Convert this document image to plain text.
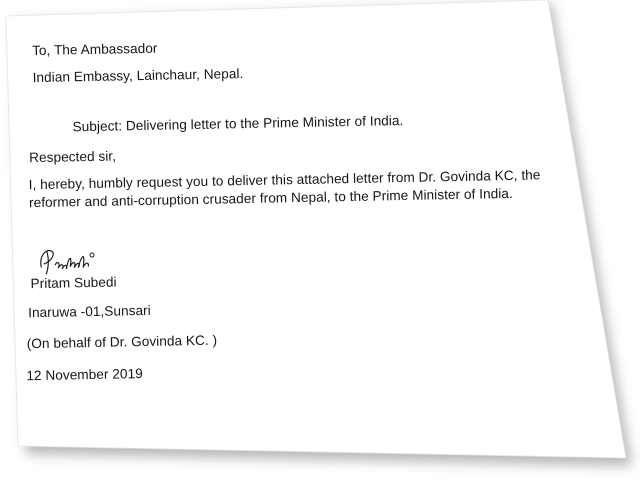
To, The Ambassador
Indian Embassy, Lainchaur, Nepal.
Subject: Delivering letter to the Prime Minister of India.
Respected sir,
I, hereby, humbly request you to deliver this attached letter from Dr. Govinda KC, the
reformer and anti-corruption crusader from Nepal, to the Prime Minister of India.
Pritam Subedi
Inaruwa -01,Sunsari
(On behalf of Dr. Govinda KC. )
12 November 2019
